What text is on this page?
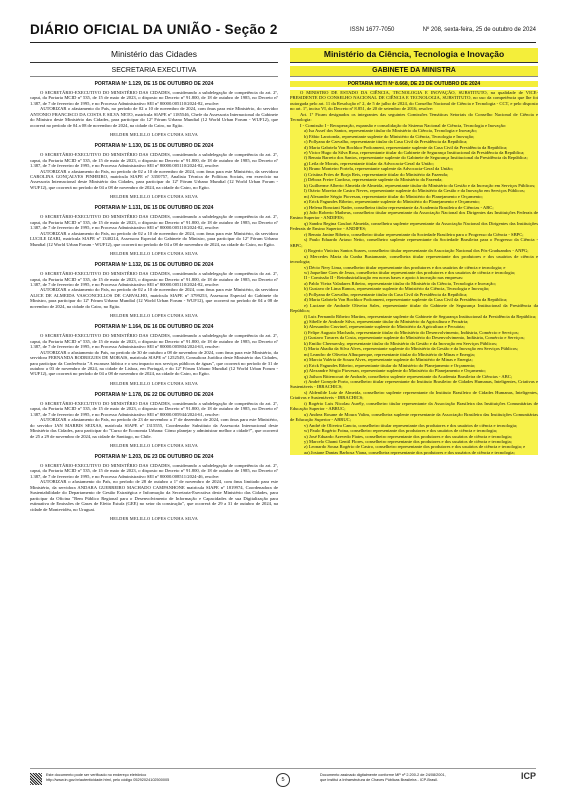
DIÁRIO OFICIAL DA UNIÃO - Seção 2	ISSN 1677-7050	Nº 208, sexta-feira, 25 de outubro de 2024
Ministério das Cidades
SECRETARIA EXECUTIVA
PORTARIA Nº 1.129, DE 15 DE OUTUBRO DE 2024

O SECRETÁRIO-EXECUTIVO DO MINISTÉRIO DAS CIDADES, considerando a subdelegação de competência do art. 2º, caput, da Portaria MCID nº 535, de 15 de maio de 2023, o disposto no Decreto nº 91.800, de 18 de outubro de 1985, no Decreto nº 1.387, de 7 de fevereiro de 1995, e no Processo Administrativo SEI nº 80000.005110/2024-82, resolve:

AUTORIZAR o afastamento do País, no período de 02 a 10 de novembro de 2024, com ônus para este Ministério, do servidor ANTONIO FRANCISCO DA COSTA E SILVA NETO, matrícula SIAPE nº 1185546, Chefe da Assessoria Internacional do Gabinete do Ministro deste Ministério das Cidades, para participar do 12º Fórum Urbano Mundial (12 World Urban Forum - WUF12), que ocorrerá no período de 04 a 08 de novembro de 2024, na cidade do Cairo, no Egito.

HELDER MELILLO LOPES CUNHA SILVA
PORTARIA Nº 1.130, DE 15 DE OUTUBRO DE 2024

O SECRETÁRIO-EXECUTIVO DO MINISTÉRIO DAS CIDADES, considerando a subdelegação de competência do art. 2º, caput, da Portaria MCID nº 535, de 15 de maio de 2023, o disposto no Decreto nº 91.800, de 18 de outubro de 1985, no Decreto nº 1.387, de 7 de fevereiro de 1995, e no Processo Administrativo SEI nº 80000.005110/2024-82, resolve:

AUTORIZAR o afastamento do País, no período de 02 a 10 de novembro de 2024, com ônus para este Ministério, da servidora CAROLINA GONÇALVES PINHEIRO, matrícula SIAPE nº 3350757, Analista Técnica de Políticas Sociais, em exercício na Assessoria Internacional deste Ministério das Cidades, para participar do 12º Fórum Urbano Mundial (12 World Urban Forum - WUF12), que ocorrerá no período de 04 a 08 de novembro de 2024, na cidade do Cairo, no Egito.

HELDER MELILLO LOPES CUNHA SILVA
PORTARIA Nº 1.131, DE 15 DE OUTUBRO DE 2024

O SECRETÁRIO-EXECUTIVO DO MINISTÉRIO DAS CIDADES, considerando a subdelegação de competência do art. 2º, caput, da Portaria MCID nº 535, de 15 de maio de 2023, o disposto no Decreto nº 91.800, de 18 de outubro de 1985, no Decreto nº 1.387, de 7 de fevereiro de 1995, e no Processo Administrativo SEI nº 80000.005110/2024-82, resolve:

AUTORIZAR o afastamento do País, no período de 02 a 10 de novembro de 2024, com ônus para este Ministério, da servidora LUCILE IZARI, matrícula SIAPE nº 1340214, Assessora Especial do Gabinete do Ministro, para participar do 12º Fórum Urbano Mundial (12 World Urban Forum - WUF12), que ocorrerá no período de 04 a 08 de novembro de 2024, na cidade do Cairo, no Egito.

HELDER MELILLO LOPES CUNHA SILVA
PORTARIA Nº 1.132, DE 15 DE OUTUBRO DE 2024

O SECRETÁRIO-EXECUTIVO DO MINISTÉRIO DAS CIDADES, considerando a subdelegação de competência do art. 2º, caput, da Portaria MCID nº 535, de 15 de maio de 2023, o disposto no Decreto nº 91.800, de 18 de outubro de 1985, no Decreto nº 1.387, de 7 de fevereiro de 1995, e no Processo Administrativo SEI nº 80000.005110/2024-82, resolve:

AUTORIZAR o afastamento do País, no período de 02 a 10 de novembro de 2024, com ônus para este Ministério, da servidora ALICE DE ALMEIDA VASCONCELLOS DE CARVALHO, matrícula SIAPE nº 3799253, Assessora Especial do Gabinete do Ministro, para participar do 12º Fórum Urbano Mundial (12 World Urban Forum - WUF12), que ocorrerá no período de 04 a 08 de novembro de 2024, na cidade do Cairo, no Egito.

HELDER MELILLO LOPES CUNHA SILVA
PORTARIA Nº 1.164, DE 16 DE OUTUBRO DE 2024

O SECRETÁRIO-EXECUTIVO DO MINISTÉRIO DAS CIDADES, considerando a subdelegação de competência do art. 2º, caput, da Portaria MCID nº 535, de 15 de maio de 2023, o disposto no Decreto nº 91.800, de 18 de outubro de 1985, no Decreto nº 1.387, de 7 de fevereiro de 1995, e no Processo Administrativo SEI nº 80000.005804/2024-63, resolve:

AUTORIZAR o afastamento do País, no período de 30 de outubro a 08 de novembro de 2024, com ônus para este Ministério, da servidora FERNANDA RODRIGUES DE MORAIS, matrícula SIAPE nº 1252549, Consultora Jurídica deste Ministério das Cidades, para participar da Conferência "A escassez hídrica e o seu impacto nos serviços públicos de águas", que ocorrerá no período de 31 de outubro a 03 de novembro de 2024, na cidade de Lisboa, em Portugal, e do 12º Fórum Urbano Mundial (12 World Urban Forum - WUF12), que ocorrerá no período de 04 a 08 de novembro de 2024, na cidade do Cairo, no Egito.

HELDER MELILLO LOPES CUNHA SILVA
PORTARIA Nº 1.178, DE 22 DE OUTUBRO DE 2024

O SECRETÁRIO-EXECUTIVO DO MINISTÉRIO DAS CIDADES, considerando a subdelegação de competência do art. 2º, caput, da Portaria MCID nº 535, de 15 de maio de 2023, o disposto no Decreto nº 91.800, de 18 de outubro de 1985, no Decreto nº 1.387, de 7 de fevereiro de 1995, e no Processo Administrativo SEI nº 80000.005944/2024-61, resolve:

AUTORIZAR o afastamento do País, no período de 23 de novembro a 1º de dezembro de 2024, com ônus para este Ministério, do servidor IAN MARBIS SEIXAS, matrícula SIAPE nº 1315555, Coordenador Substituto da Assessoria Internacional deste Ministério das Cidades, para participar do "Curso de Economia Urbana: Cómo planejar y administrar melhor a cidade?", que ocorrerá de 25 a 29 de novembro de 2024, na cidade de Santiago, no Chile.

HELDER MELILLO LOPES CUNHA SILVA
PORTARIA Nº 1.203, DE 23 DE OUTUBRO DE 2024

O SECRETÁRIO-EXECUTIVO DO MINISTÉRIO DAS CIDADES, considerando a subdelegação de competência do art. 2º, caput, da Portaria MCID nº 535, de 15 de maio de 2023, o disposto no Decreto nº 91.800, de 18 de outubro de 1985, no Decreto nº 1.387, de 7 de fevereiro de 1995, e no Processo Administrativo SEI nº 80000.008511/2024-46, resolve:

AUTORIZAR o afastamento do País, no período de 28 de outubro a 1º de novembro de 2024, com ônus limitado para este Ministério, da servidora ANDARA GUERREIRO MACHADO CAMPANHONE matrícula SIAPE nº 1819974, Coordenadora de Sustentabilidade do Departamento de Gestão Estratégica e Informação da Secretaria-Executiva deste Ministério das Cidades, para participar da Oficina "Bem Público Regional para o Desenvolvimento de Informação e Capacidades de sua Digitalização para estimativa de Emissões de Gases de Efeito Estufa (GEE) no setor da construção", que ocorrerá de 29 a 31 de outubro de 2024, na cidade de Montevidéu, no Uruguai.

HELDER MELILLO LOPES CUNHA SILVA
Ministério da Ciência, Tecnologia e Inovação
GABINETE DA MINISTRA
PORTARIA MCTI Nº 8.668, DE 23 DE OUTUBRO DE 2024

O MINISTRO DE ESTADO DA CIÊNCIA, TECNOLOGIA E INOVAÇÃO, SUBSTITUTO, na qualidade de VICE-PRESIDENTE DO CONSELHO NACIONAL DE CIÊNCIA E TECNOLOGIA, SUBSTITUTO, no uso da competência que lhe foi outorgada pelo art. 11 da Resolução nº 2, de 5 de julho de 2024, do Conselho Nacional de Ciência e Tecnologia - CCT, e pelo disposto no art. 1º, inciso VI, do Decreto nº 8.851, de 20 de setembro de 2016, resolve:

Art. 1º Ficam designados os integrantes das seguintes Comissões Temáticas Setoriais do Conselho Nacional de Ciência e Tecnologia:

I - Comissão I - Recuperação, expansão e consolidação do Sistema Nacional de Ciência, Tecnologia e Inovação:

a) Isa Assef dos Santos, representante titular do Ministério da Ciência, Tecnologia e Inovação;

b) Fábio Larotonda, representante suplente do Ministério da Ciência, Tecnologia e Inovação;

c) Pollyana de Carvalho, representante titular da Casa Civil da Presidência da República;

d) Maria Gabriela Von Bochkor Podcameni, representante suplente da Casa Civil da Presidência da República;

e) Victor Hugo da Silva Rosa, representante titular do Gabinete de Segurança Institucional da Presidência da República;

f) Renata Barreto dos Santos, representante suplente do Gabinete de Segurança Institucional da Presidência da República;

g) Leila de Morais, representante titular da Advocacia-Geral da União;

h) Bruno Monteiro Portela, representante suplente da Advocacia-Geral da União;

i) Cristina Fróes de Borja Reis, representante titular do Ministério da Fazenda;

j) Débora Freire Cardoso, representante suplente do Ministério da Fazenda;

k) Guilherme Alberto Almeida de Almeida, representante titular do Ministério da Gestão e da Inovação em Serviços Públicos;

l) Otávio Moreira de Castro Neves, representante suplente do Ministério da Gestão e da Inovação em Serviços Públicos;

m) Alexandre Sérgio Piovesan, representante titular do Ministério do Planejamento e Orçamento;

n) Erick Fagundes Ribeiro, representante suplente do Ministério do Planejamento e Orçamento;

o) Helena Bonciani Nader, conselheira titular representante da Academia Brasileira de Ciências - ABC;

p) João Roberto Matheus, conselheiro titular representante da Associação Nacional dos Dirigentes das Instituições Federais de Ensino Superior - ANDIFES;

q) Sandra Regina Goulart Almeida, conselheira suplente representante da Associação Nacional dos Dirigentes das Instituições Federais de Ensino Superior - ANDIFES;

r) Renato Janine Ribeiro, conselheiro titular representante da Sociedade Brasileira para o Progresso da Ciência - SBPC;

s) Paulo Eduardo Artaxo Netto, conselheiro suplente representante da Sociedade Brasileira para o Progresso da Ciência - SBPC;

t) Rogerio Vinicius Santos Soares, conselheiro titular representante da Associação Nacional dos Pós-Graduandos - ANPG;

u) Mercedes Maria da Cunha Bustamante, conselheira titular representante dos produtores e dos usuários de ciência e tecnologia;

v) Décio Nery Lima, conselheiro titular representante dos produtores e dos usuários de ciência e tecnologia; e

w) Jaqueline Goes de Jesus, conselheira titular representante dos produtores e dos usuários de ciência e tecnologia;

II - Comissão II - Reindustrialização em novas bases e apoio à inovação nas empresas:

a) Pablo Vieira Valadares Ribeiro, representante titular do Ministério da Ciência, Tecnologia e Inovação;

b) Gustavo de Lima Ramos, representante suplente do Ministério da Ciência, Tecnologia e Inovação;

c) Pollyana de Carvalho, representante titular da Casa Civil da Presidência da República;

d) Maria Gabriela Von Bochkor Podcameni, representante suplente da Casa Civil da Presidência da República;

e) Luciane de Andrade Oliveira Sales, representante titular do Gabinete de Segurança Institucional da Presidência da República;

f) Luis Fernando Ribeiro Martins, representante suplente do Gabinete de Segurança Institucional da Presidência da República;

g) Sibelle de Andrade Silva, representante titular do Ministério da Agricultura e Pecuária;

h) Alessandro Cruvinel, representante suplente do Ministério da Agricultura e Pecuária;

i) Felipe Augusto Machado, representante titular do Ministério do Desenvolvimento, Indústria, Comércio e Serviços;

j) Gustavo Tavares da Costa, representante suplente do Ministério do Desenvolvimento, Indústria, Comércio e Serviços;

k) Emilio Chernavsky, representante titular do Ministério da Gestão e da Inovação em Serviços Públicos;

l) Maria Abadia da Silva Alves, representante suplente do Ministério da Gestão e da Inovação em Serviços Públicos;

m) Leandro de Oliveira Albuquerque, representante titular do Ministério de Minas e Energia;

n) Marcia Valéria de Souza Alves, representante suplente do Ministério de Minas e Energia;

o) Erick Fagundes Ribeiro, representante titular do Ministério do Planejamento e Orçamento;

p) Alexandre Sérgio Piovesan, representante suplente do Ministério do Planejamento e Orçamento;

q) Jailson Bittencourt de Andrade, conselheiro suplente representante da Academia Brasileira de Ciências - ABC;

r) André Gomyde Porto, conselheiro titular representante do Instituto Brasileiro de Cidades Humanas, Inteligentes, Criativas e Sustentáveis - IBRACHICS;

s) Aldenilde Luiz de Almeida, conselheiro suplente representante do Instituto Brasileiro de Cidades Humanas, Inteligentes, Criativas e Sustentáveis - IBRACHICS;

t) Rogério Luis Nicolau Aurély, conselheiro titular representante da Associação Brasileira das Instituições Comunitárias de Educação Superior - ABRUC;

u) Andrea Rosane de Moura Valim, conselheira suplente representante da Associação Brasileira das Instituições Comunitárias de Educação Superior - ABRUC;

v) André de Oliveira Cancio, conselheiro titular representante dos produtores e dos usuários de ciência e tecnologia;

w) Paulo Rogério Foina, conselheiro representante dos produtores e dos usuários de ciência e tecnologia;

x) José Eduardo Azevedo Fiates, conselheiro representante dos produtores e dos usuários de ciência e tecnologia;

y) Marcelo Chami Gentil Flores, conselheiro representante dos produtores e dos usuários de ciência e tecnologia;

z) Leonardo Sousa Rogério de Castro, conselheiro representante dos produtores e dos usuários de ciência e tecnologia; e

aa) Josiane Dantas Barbosa Viana, conselheira representante dos produtores e dos usuários de ciência e tecnologia;

Este documento pode ser verificado no endereço eletrônico
http://www.in.gov.br/autenticidade.html, pelo código 05292024102500005	5
Documento assinado digitalmente conforme MP nº 2.200-2 de 24/08/2001,
que institui a Infraestrutura de Chaves Públicas Brasileira - ICP-Brasil.	ICP
